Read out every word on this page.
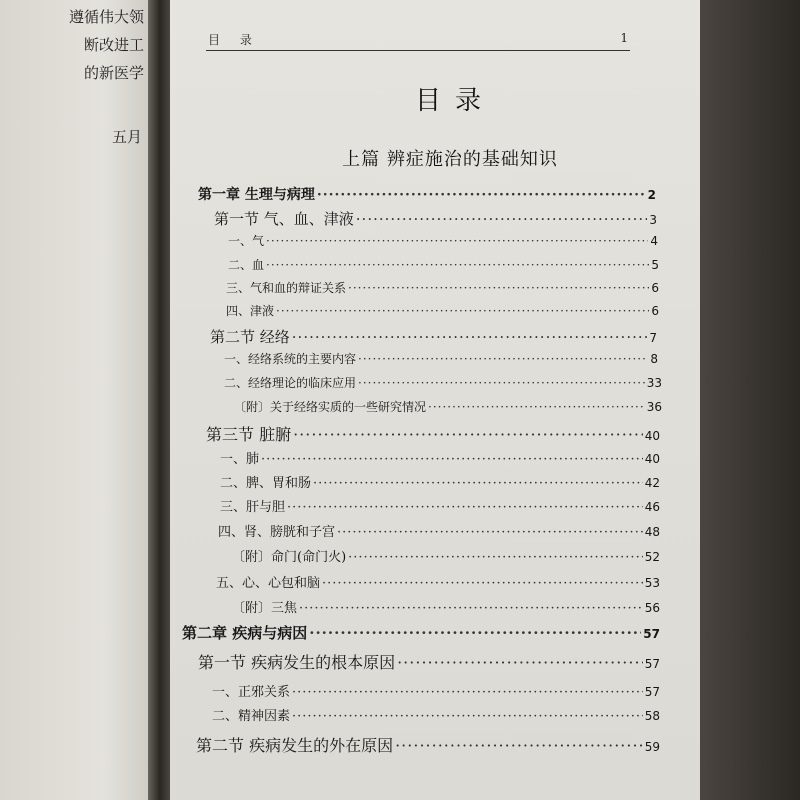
遵循伟大领
断改进工
的新医学
五月
目 录	1
目录
上篇 辨症施治的基础知识
第一章 生理与病理 ·····	2
第一节 气、血、津液 ·····	3
一、气 ·····	4
二、血 ·····	5
三、气和血的辩证关系 ·····	6
四、津液 ·····	6
第二节 经络 ·····	7
一、经络系统的主要内容 ·····	8
二、经络理论的临床应用 ·····	33
〔附〕关于经络实质的一些研究情况 ·····	36
第三节 脏腑 ·····	40
一、肺 ·····	40
二、脾、胃和肠 ·····	42
三、肝与胆 ·····	46
四、肾、膀胱和子宫 ·····	48
〔附〕命门(命门火) ·····	52
五、心、心包和脑 ·····	53
〔附〕三焦 ·····	56
第二章 疾病与病因 ·····	57
第一节 疾病发生的根本原因 ·····	57
一、正邪关系 ·····	57
二、精神因素 ·····	58
第二节 疾病发生的外在原因 ·····	59
